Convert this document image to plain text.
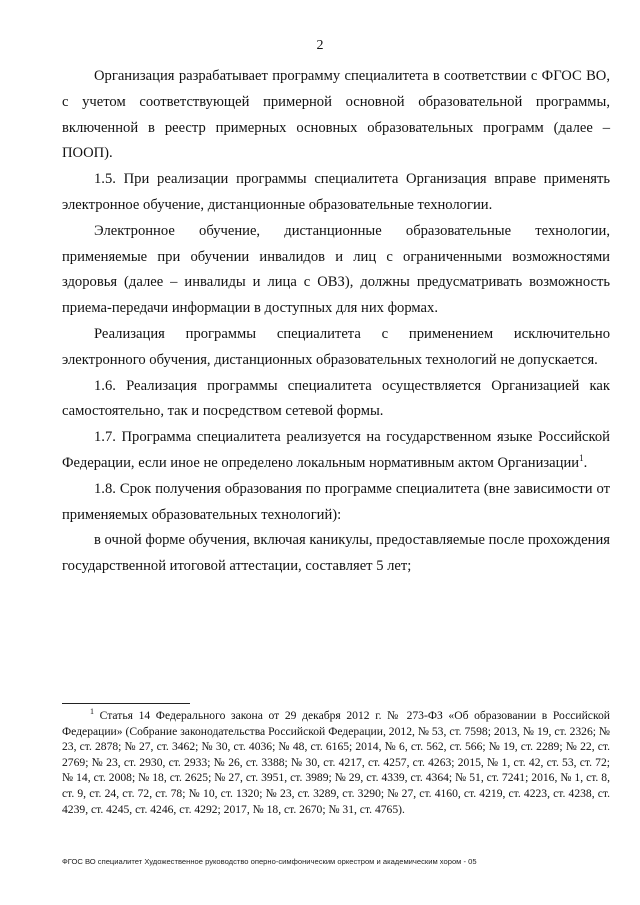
2

Организация разрабатывает программу специалитета в соответствии с ФГОС ВО, с учетом соответствующей примерной основной образовательной программы, включенной в реестр примерных основных образовательных программ (далее – ПООП).

1.5. При реализации программы специалитета Организация вправе применять электронное обучение, дистанционные образовательные технологии.

Электронное обучение, дистанционные образовательные технологии, применяемые при обучении инвалидов и лиц с ограниченными возможностями здоровья (далее – инвалиды и лица с ОВЗ), должны предусматривать возможность приема-передачи информации в доступных для них формах.

Реализация программы специалитета с применением исключительно электронного обучения, дистанционных образовательных технологий не допускается.

1.6. Реализация программы специалитета осуществляется Организацией как самостоятельно, так и посредством сетевой формы.

1.7. Программа специалитета реализуется на государственном языке Российской Федерации, если иное не определено локальным нормативным актом Организации$^1$.

1.8. Срок получения образования по программе специалитета (вне зависимости от применяемых образовательных технологий):

в очной форме обучения, включая каникулы, предоставляемые после прохождения государственной итоговой аттестации, составляет 5 лет;

$^1$ Статья 14 Федерального закона от 29 декабря 2012 г. № 273-ФЗ «Об образовании в Российской Федерации» (Собрание законодательства Российской Федерации, 2012, № 53, ст. 7598; 2013, № 19, ст. 2326; № 23, ст. 2878; № 27, ст. 3462; № 30, ст. 4036; № 48, ст. 6165; 2014, № 6, ст. 562, ст. 566; № 19, ст. 2289; № 22, ст. 2769; № 23, ст. 2930, ст. 2933; № 26, ст. 3388; № 30, ст. 4217, ст. 4257, ст. 4263; 2015, № 1, ст. 42, ст. 53, ст. 72; № 14, ст. 2008; № 18, ст. 2625; № 27, ст. 3951, ст. 3989; № 29, ст. 4339, ст. 4364; № 51, ст. 7241; 2016, № 1, ст. 8, ст. 9, ст. 24, ст. 72, ст. 78; № 10, ст. 1320; № 23, ст. 3289, ст. 3290; № 27, ст. 4160, ст. 4219, ст. 4223, ст. 4238, ст. 4239, ст. 4245, ст. 4246, ст. 4292; 2017, № 18, ст. 2670; № 31, ст. 4765).

ФГОС ВО специалитет Художественное руководство оперно-симфоническим оркестром и академическим хором - 05
